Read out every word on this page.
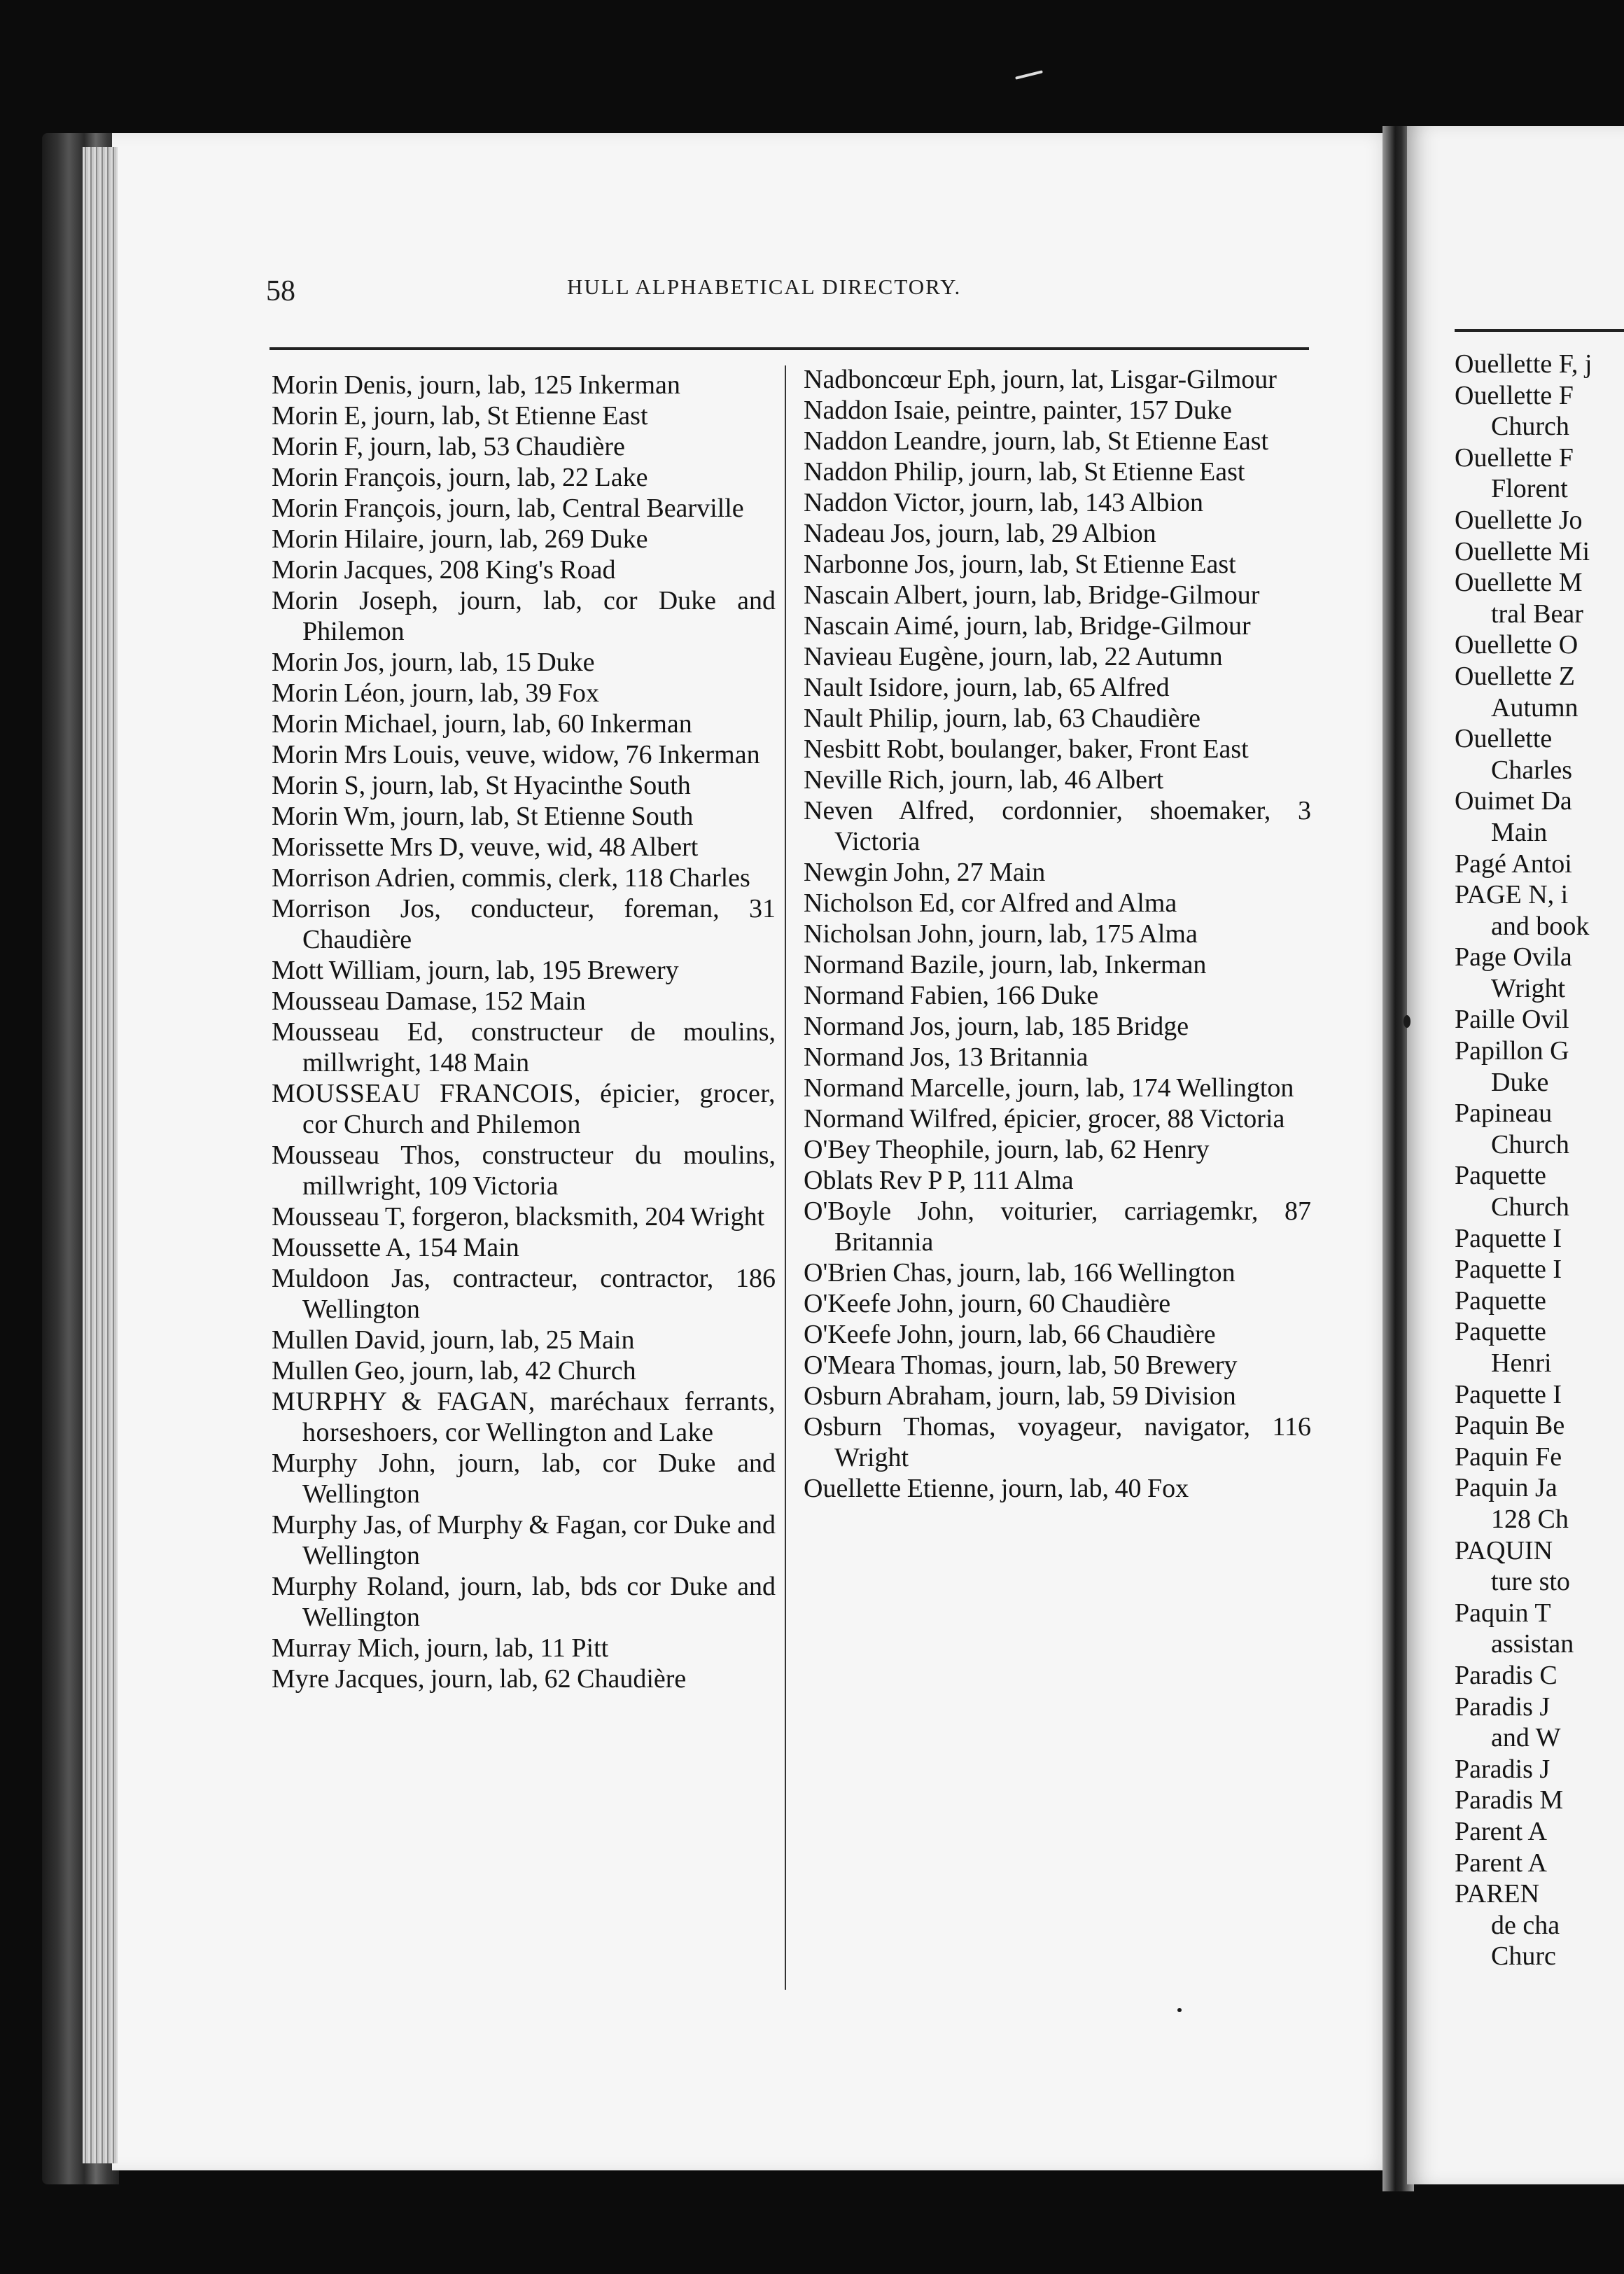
58	HULL ALPHABETICAL DIRECTORY.
Morin Denis, journ, lab, 125 Inkerman
Morin E, journ, lab, St Etienne East
Morin F, journ, lab, 53 Chaudière
Morin François, journ, lab, 22 Lake
Morin François, journ, lab, Central Bearville
Morin Hilaire, journ, lab, 269 Duke
Morin Jacques, 208 King's Road
Morin Joseph, journ, lab, cor Duke and Philemon
Morin Jos, journ, lab, 15 Duke
Morin Léon, journ, lab, 39 Fox
Morin Michael, journ, lab, 60 Inkerman
Morin Mrs Louis, veuve, widow, 76 Inkerman
Morin S, journ, lab, St Hyacinthe South
Morin Wm, journ, lab, St Etienne South
Morissette Mrs D, veuve, wid, 48 Albert
Morrison Adrien, commis, clerk, 118 Charles
Morrison Jos, conducteur, foreman, 31 Chaudière
Mott William, journ, lab, 195 Brewery
Mousseau Damase, 152 Main
Mousseau Ed, constructeur de moulins, millwright, 148 Main
MOUSSEAU FRANCOIS, épicier, grocer, cor Church and Philemon
Mousseau Thos, constructeur du moulins, millwright, 109 Victoria
Mousseau T, forgeron, blacksmith, 204 Wright
Moussette A, 154 Main
Muldoon Jas, contracteur, contractor, 186 Wellington
Mullen David, journ, lab, 25 Main
Mullen Geo, journ, lab, 42 Church
MURPHY & FAGAN, maréchaux ferrants, horseshoers, cor Wellington and Lake
Murphy John, journ, lab, cor Duke and Wellington
Murphy Jas, of Murphy & Fagan, cor Duke and Wellington
Murphy Roland, journ, lab, bds cor Duke and Wellington
Murray Mich, journ, lab, 11 Pitt
Myre Jacques, journ, lab, 62 Chaudière
Nadboncœur Eph, journ, lat, Lisgar-Gilmour
Naddon Isaie, peintre, painter, 157 Duke
Naddon Leandre, journ, lab, St Etienne East
Naddon Philip, journ, lab, St Etienne East
Naddon Victor, journ, lab, 143 Albion
Nadeau Jos, journ, lab, 29 Albion
Narbonne Jos, journ, lab, St Etienne East
Nascain Albert, journ, lab, Bridge-Gilmour
Nascain Aimé, journ, lab, Bridge-Gilmour
Navieau Eugène, journ, lab, 22 Autumn
Nault Isidore, journ, lab, 65 Alfred
Nault Philip, journ, lab, 63 Chaudière
Nesbitt Robt, boulanger, baker, Front East
Neville Rich, journ, lab, 46 Albert
Neven Alfred, cordonnier, shoemaker, 3 Victoria
Newgin John, 27 Main
Nicholson Ed, cor Alfred and Alma
Nicholsan John, journ, lab, 175 Alma
Normand Bazile, journ, lab, Inkerman
Normand Fabien, 166 Duke
Normand Jos, journ, lab, 185 Bridge
Normand Jos, 13 Britannia
Normand Marcelle, journ, lab, 174 Wellington
Normand Wilfred, épicier, grocer, 88 Victoria
O'Bey Theophile, journ, lab, 62 Henry
Oblats Rev P P, 111 Alma
O'Boyle John, voiturier, carriagemkr, 87 Britannia
O'Brien Chas, journ, lab, 166 Wellington
O'Keefe John, journ, 60 Chaudière
O'Keefe John, journ, lab, 66 Chaudière
O'Meara Thomas, journ, lab, 50 Brewery
Osburn Abraham, journ, lab, 59 Division
Osburn Thomas, voyageur, navigator, 116 Wright
Ouellette Etienne, journ, lab, 40 Fox
Ouellette F, j
Ouellette F
Church
Ouellette F
Florent
Ouellette Jo
Ouellette Mi
Ouellette M
tral Bear
Ouellette O
Ouellette Z
Autumn
Ouellette
Charles
Ouimet Da
Main
Pagé Antoi
PAGE N, i
and book
Page Ovila
Wright
Paille Ovil
Papillon G
Duke
Papineau
Church
Paquette
Church
Paquette I
Paquette I
Paquette
Paquette
Henri
Paquette I
Paquin Be
Paquin Fe
Paquin Ja
128 Ch
PAQUIN
ture sto
Paquin T
assistan
Paradis C
Paradis J
and W
Paradis J
Paradis M
Parent A
Parent A
PAREN
de cha
Churc
